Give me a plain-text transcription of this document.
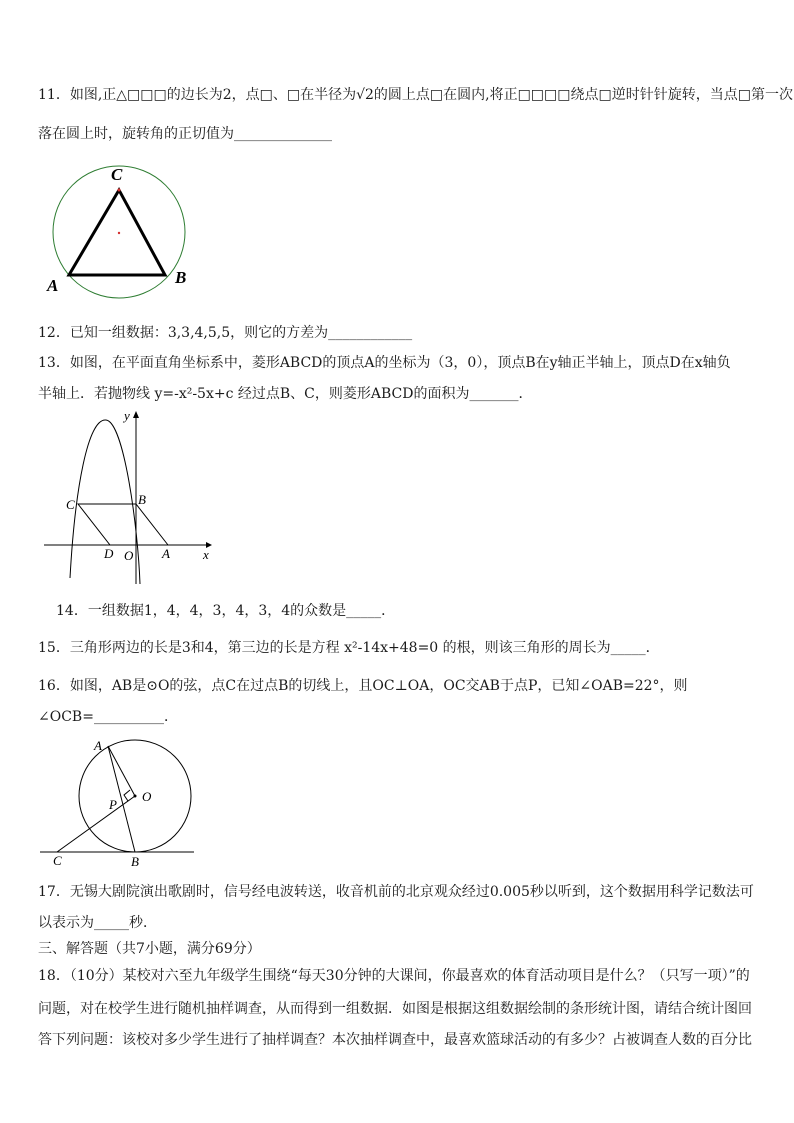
11．如图,正△□□□的边长为2，点□、□在半径为√2的圆上点□在圆内,将正□□□□绕点□逆时针针旋转，当点□第一次
落在圆上时，旋转角的正切值为______________
C
A	B
12．已知一组数据：3,3,4,5,5，则它的方差为____________
13．如图，在平面直角坐标系中，菱形ABCD的顶点A的坐标为（3，0），顶点B在y轴正半轴上，顶点D在x轴负
半轴上．若抛物线 y=-x²-5x+c 经过点B、C，则菱形ABCD的面积为_______．
y
x
C	B
D O A
14．一组数据1，4，4，3，4，3，4的众数是_____．
15．三角形两边的长是3和4，第三边的长是方程 x²-14x+48=0 的根，则该三角形的周长为_____．
16．如图，AB是⊙O的弦，点C在过点B的切线上，且OC⊥OA，OC交AB于点P，已知∠OAB=22°，则
∠OCB=__________．
A
P
O
C	B
17．无锡大剧院演出歌剧时，信号经电波转送，收音机前的北京观众经过0.005秒以听到，这个数据用科学记数法可
以表示为_____秒．
三、解答题（共7小题，满分69分）
18．（10分）某校对六至九年级学生围绕“每天30分钟的大课间，你最喜欢的体育活动项目是什么？（只写一项）”的
问题，对在校学生进行随机抽样调查，从而得到一组数据．如图是根据这组数据绘制的条形统计图，请结合统计图回
答下列问题：该校对多少学生进行了抽样调查？本次抽样调查中，最喜欢篮球活动的有多少？占被调查人数的百分比
